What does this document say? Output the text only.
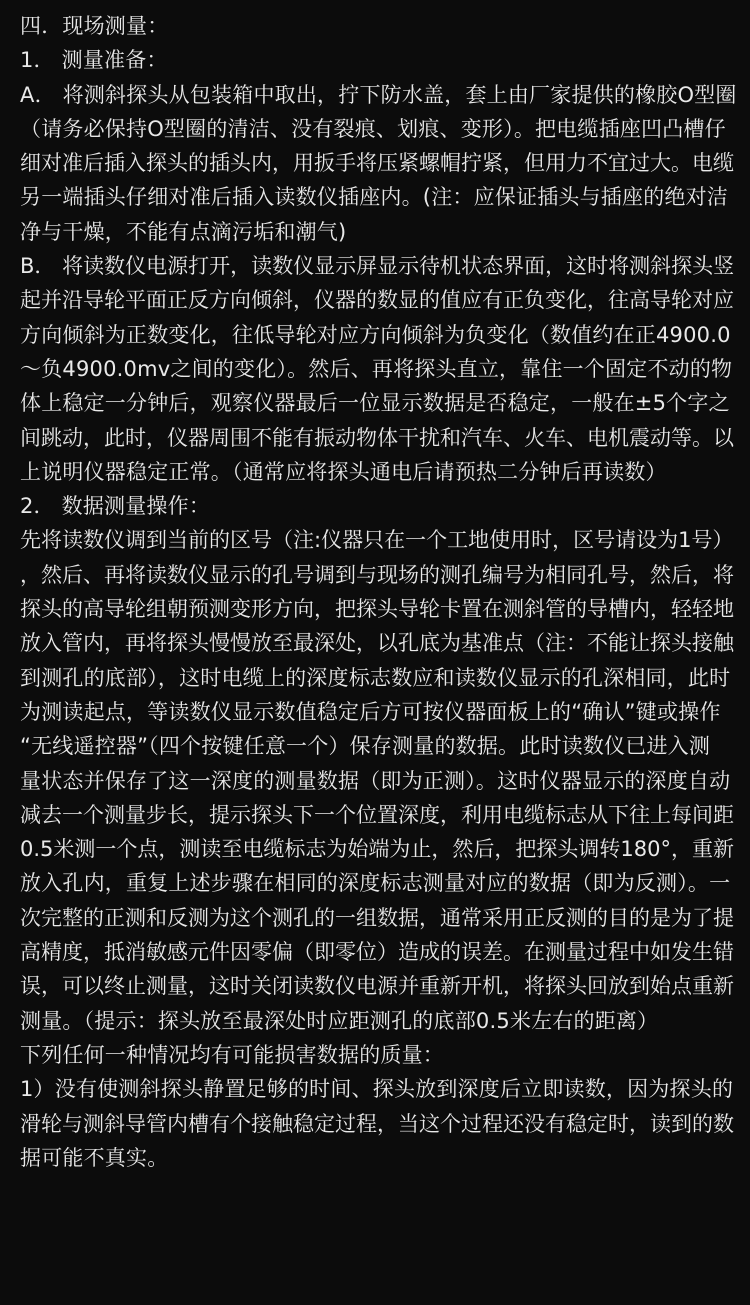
四．现场测量：
1． 测量准备：
A． 将测斜探头从包装箱中取出，拧下防水盖，套上由厂家提供的橡胶O型圈
（请务必保持O型圈的清洁、没有裂痕、划痕、变形）。把电缆插座凹凸槽仔
细对准后插入探头的插头内，用扳手将压紧螺帽拧紧，但用力不宜过大。电缆
另一端插头仔细对准后插入读数仪插座内。(注：应保证插头与插座的绝对洁
净与干燥，不能有点滴污垢和潮气)
B． 将读数仪电源打开，读数仪显示屏显示待机状态界面，这时将测斜探头竖
起并沿导轮平面正反方向倾斜，仪器的数显的值应有正负变化，往高导轮对应
方向倾斜为正数变化，往低导轮对应方向倾斜为负变化（数值约在正4900.0
～负4900.0mv之间的变化）。然后、再将探头直立，靠住一个固定不动的物
体上稳定一分钟后，观察仪器最后一位显示数据是否稳定，一般在±5个字之
间跳动，此时，仪器周围不能有振动物体干扰和汽车、火车、电机震动等。以
上说明仪器稳定正常。（通常应将探头通电后请预热二分钟后再读数）
2． 数据测量操作：
先将读数仪调到当前的区号（注:仪器只在一个工地使用时，区号请设为1号）
，然后、再将读数仪显示的孔号调到与现场的测孔编号为相同孔号，然后，将
探头的高导轮组朝预测变形方向，把探头导轮卡置在测斜管的导槽内，轻轻地
放入管内，再将探头慢慢放至最深处，以孔底为基准点（注：不能让探头接触
到测孔的底部），这时电缆上的深度标志数应和读数仪显示的孔深相同，此时
为测读起点，等读数仪显示数值稳定后方可按仪器面板上的“确认”键或操作
“无线遥控器”（四个按键任意一个）保存测量的数据。此时读数仪已进入测
量状态并保存了这一深度的测量数据（即为正测）。这时仪器显示的深度自动
减去一个测量步长，提示探头下一个位置深度，利用电缆标志从下往上每间距
0.5米测一个点，测读至电缆标志为始端为止，然后，把探头调转180°，重新
放入孔内，重复上述步骤在相同的深度标志测量对应的数据（即为反测）。一
次完整的正测和反测为这个测孔的一组数据，通常采用正反测的目的是为了提
高精度，抵消敏感元件因零偏（即零位）造成的误差。在测量过程中如发生错
误，可以终止测量，这时关闭读数仪电源并重新开机，将探头回放到始点重新
测量。（提示：探头放至最深处时应距测孔的底部0.5米左右的距离）
下列任何一种情况均有可能损害数据的质量：
1）没有使测斜探头静置足够的时间、探头放到深度后立即读数，因为探头的
滑轮与测斜导管内槽有个接触稳定过程，当这个过程还没有稳定时，读到的数
据可能不真实。
